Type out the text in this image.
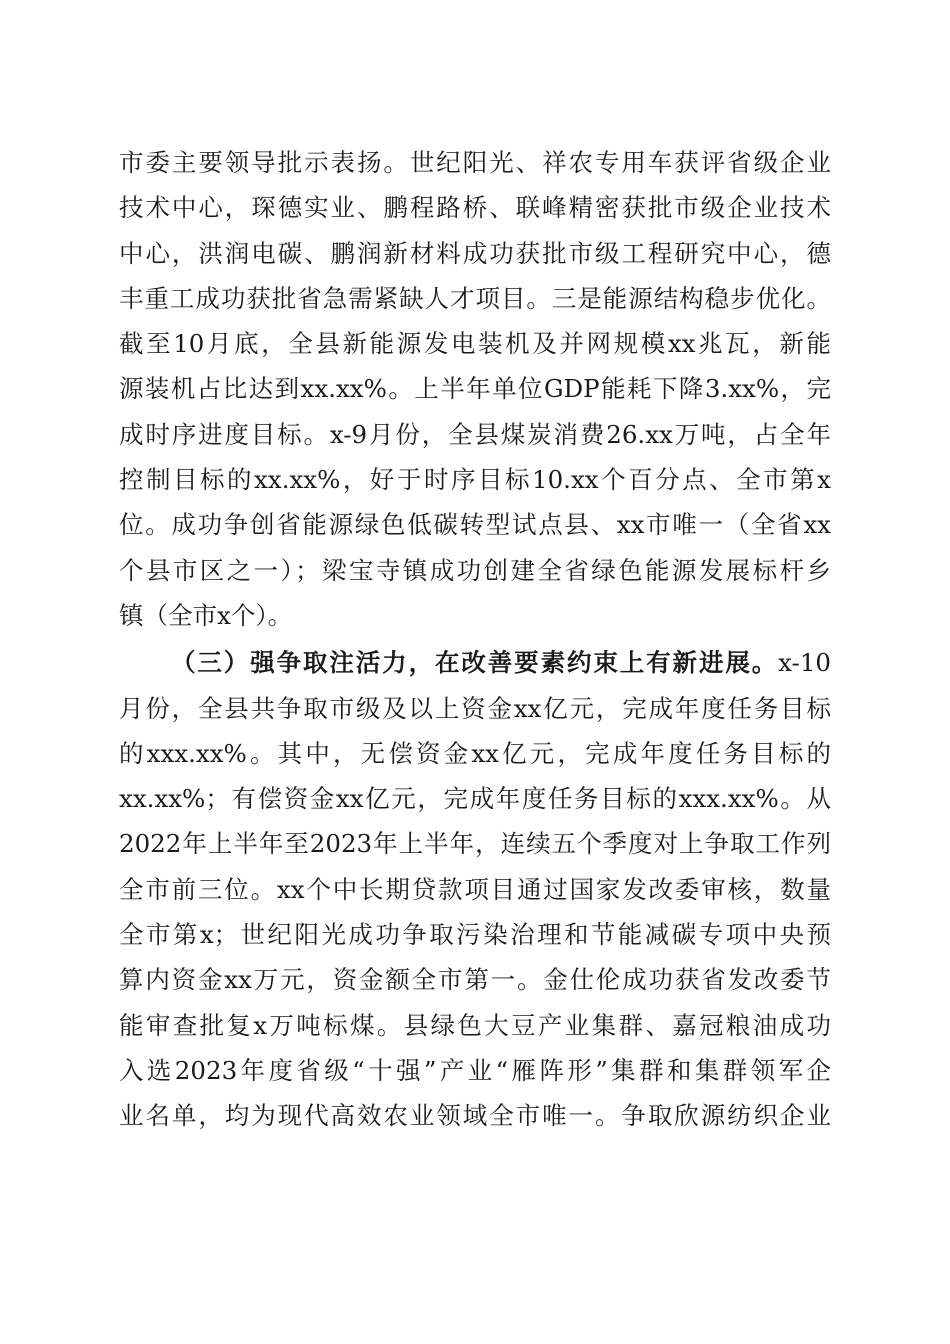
市委主要领导批示表扬。世纪阳光、祥农专用车获评省级企业
技术中心，琛德实业、鹏程路桥、联峰精密获批市级企业技术
中心，洪润电碳、鹏润新材料成功获批市级工程研究中心，德
丰重工成功获批省急需紧缺人才项目。三是能源结构稳步优化。
截至10月底，全县新能源发电装机及并网规模xx兆瓦，新能
源装机占比达到xx.xx%。上半年单位GDP能耗下降3.xx%，完
成时序进度目标。x-9月份，全县煤炭消费26.xx万吨，占全年
控制目标的xx.xx%，好于时序目标10.xx个百分点、全市第x
位。成功争创省能源绿色低碳转型试点县、xx市唯一（全省xx
个县市区之一）；梁宝寺镇成功创建全省绿色能源发展标杆乡
镇（全市x个）。
（三）强争取注活力，在改善要素约束上有新进展。x-10
月份，全县共争取市级及以上资金xx亿元，完成年度任务目标
的xxx.xx%。其中，无偿资金xx亿元，完成年度任务目标的
xx.xx%；有偿资金xx亿元，完成年度任务目标的xxx.xx%。从
2022年上半年至2023年上半年，连续五个季度对上争取工作列
全市前三位。xx个中长期贷款项目通过国家发改委审核，数量
全市第x；世纪阳光成功争取污染治理和节能减碳专项中央预
算内资金xx万元，资金额全市第一。金仕伦成功获省发改委节
能审查批复x万吨标煤。县绿色大豆产业集群、嘉冠粮油成功
入选2023年度省级“十强”产业“雁阵形”集群和集群领军企
业名单，均为现代高效农业领域全市唯一。争取欣源纺织企业
